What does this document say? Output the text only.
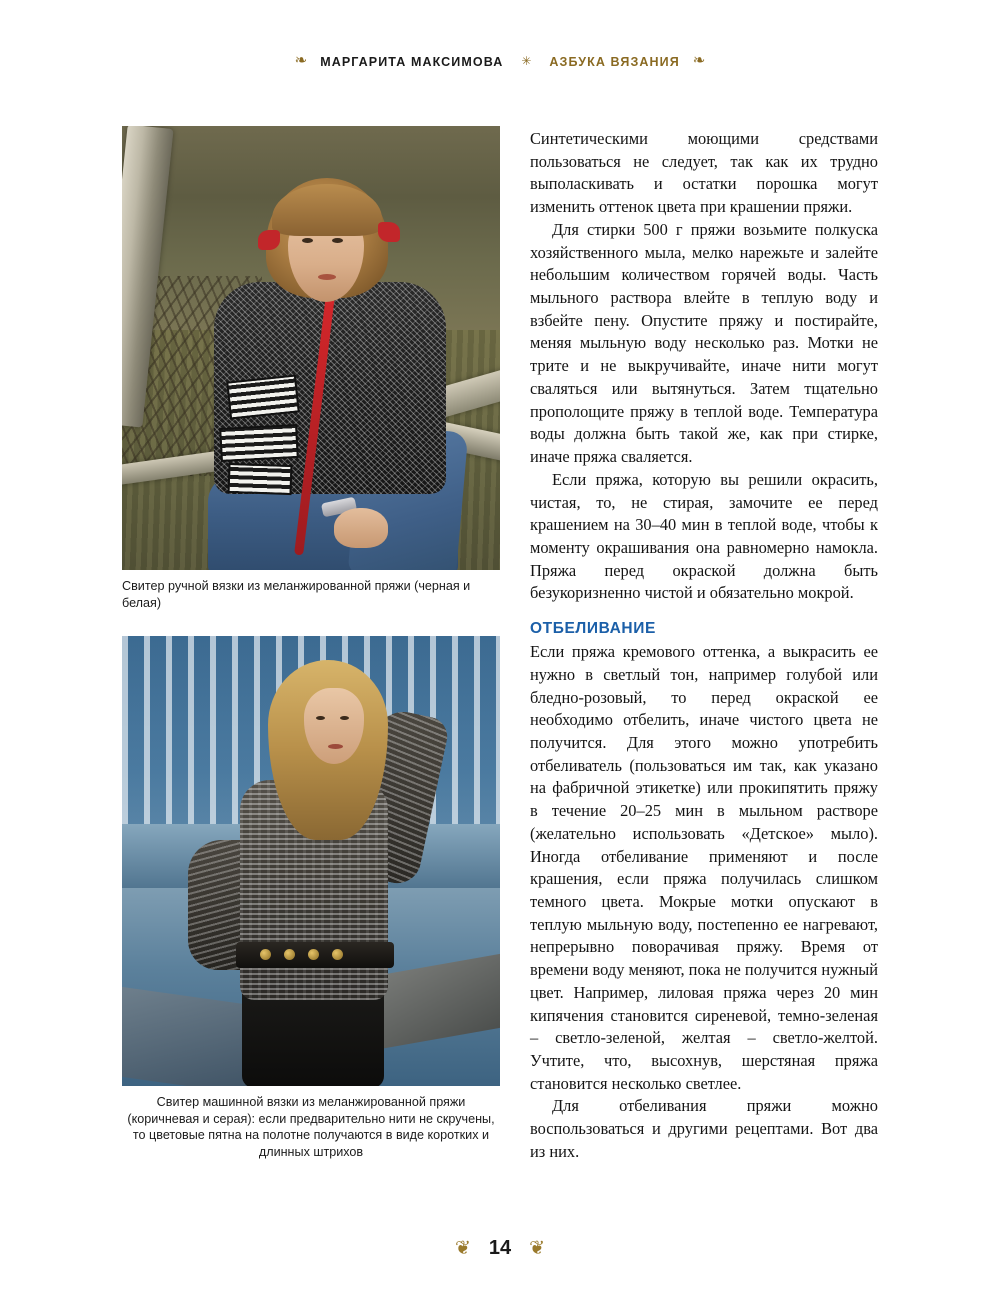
❧ МАРГАРИТА МАКСИМОВА ✳ АЗБУКА ВЯЗАНИЯ ❧
Свитер ручной вязки из меланжированной пряжи (черная и белая)
Свитер машинной вязки из меланжированной пряжи (коричневая и серая): если предварительно нити не скручены, то цветовые пятна на полотне получаются в виде коротких и длинных штрихов

Синтетическими моющими средствами пользоваться не следует, так как их трудно выполаскивать и остатки порошка могут изменить оттенок цвета при крашении пряжи.

Для стирки 500 г пряжи возьмите полкуска хозяйственного мыла, мелко нарежьте и залейте небольшим количеством горячей воды. Часть мыльного раствора влейте в теплую воду и взбейте пену. Опустите пряжу и постирайте, меняя мыльную воду несколько раз. Мотки не трите и не выкручивайте, иначе нити могут сваляться или вытянуться. Затем тщательно прополощите пряжу в теплой воде. Температура воды должна быть такой же, как при стирке, иначе пряжа сваляется.

Если пряжа, которую вы решили окрасить, чистая, то, не стирая, замочите ее перед крашением на 30–40 мин в теплой воде, чтобы к моменту окрашивания она равномерно намокла. Пряжа перед окраской должна быть безукоризненно чистой и обязательно мокрой.

ОТБЕЛИВАНИЕ

Если пряжа кремового оттенка, а выкрасить ее нужно в светлый тон, например голубой или бледно-розовый, то перед окраской ее необходимо отбелить, иначе чистого цвета не получится. Для этого можно употребить отбеливатель (пользоваться им так, как указано на фабричной этикетке) или прокипятить пряжу в течение 20–25 мин в мыльном растворе (желательно использовать «Детское» мыло). Иногда отбеливание применяют и после крашения, если пряжа получилась слишком темного цвета. Мокрые мотки опускают в теплую мыльную воду, постепенно ее нагревают, непрерывно поворачивая пряжу. Время от времени воду меняют, пока не получится нужный цвет. Например, лиловая пряжа через 20 мин кипячения становится сиреневой, темно-зеленая – светло-зеленой, желтая – светло-желтой. Учтите, что, высохнув, шерстяная пряжа становится несколько светлее.

Для отбеливания пряжи можно воспользоваться и другими рецептами. Вот два из них.

❦ 14 ❦
